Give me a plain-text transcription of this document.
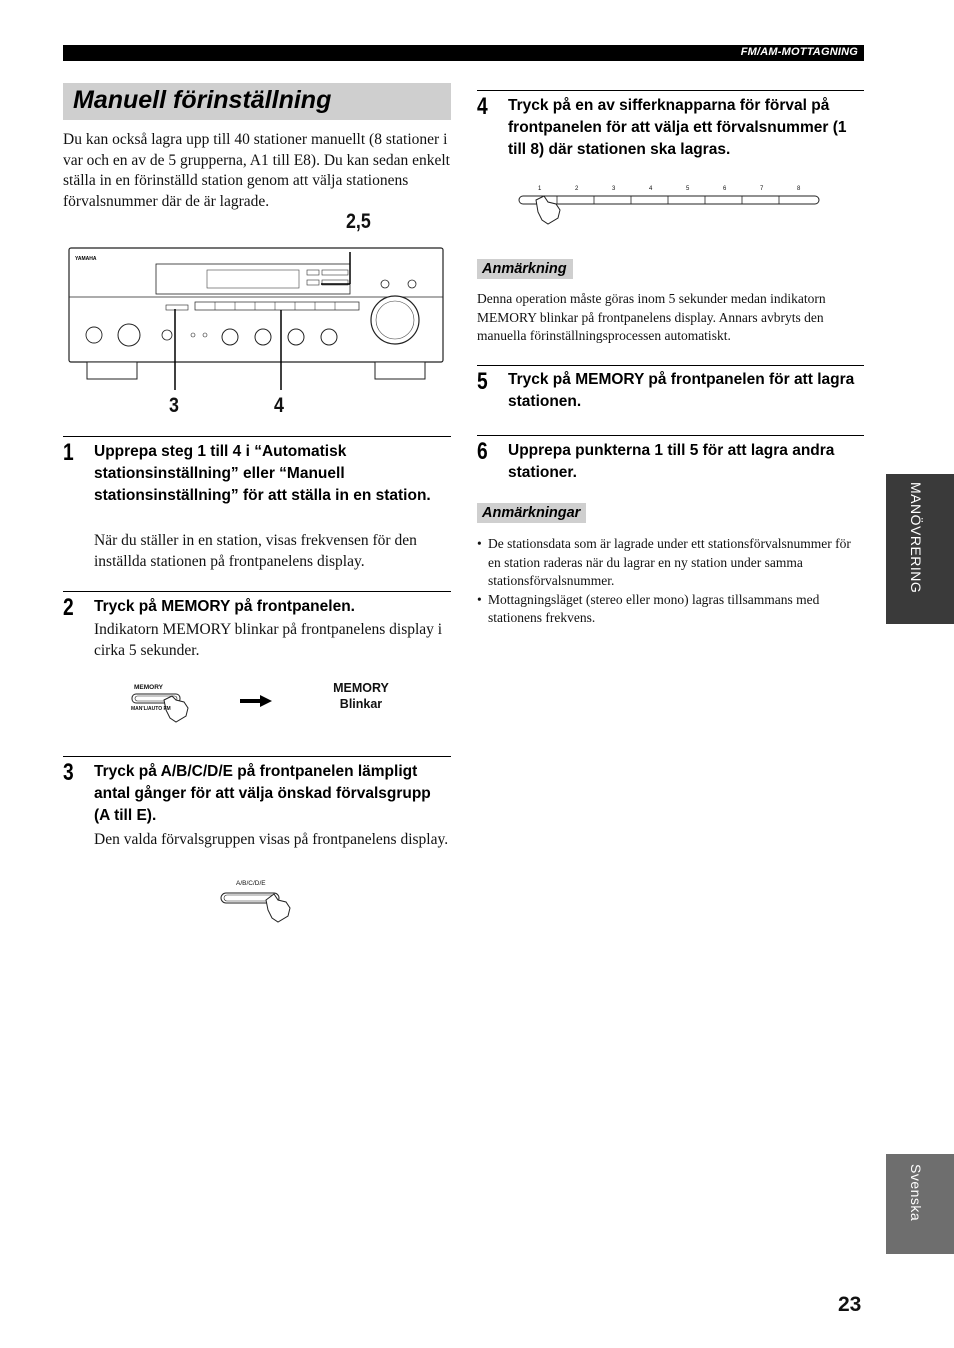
FM/AM-MOTTAGNING
Manuell förinställning
Du kan också lagra upp till 40 stationer manuellt (8 stationer i var och en av de 5 grupperna, A1 till E8). Du kan sedan enkelt ställa in en förinställd station genom att välja stationens förvalsnummer där de är lagrade.
YAMAHA
2,5
3	4
1 Upprepa steg 1 till 4 i “Automatisk stationsinställning” eller “Manuell stationsinställning” för att ställa in en station.
När du ställer in en station, visas frekvensen för den inställda stationen på frontpanelens display.
2 Tryck på MEMORY på frontpanelen.
Indikatorn MEMORY blinkar på frontpanelens display i cirka 5 sekunder.
MEMORY
MAN'L/AUTO FM
MEMORY
Blinkar
3 Tryck på A/B/C/D/E på frontpanelen lämpligt antal gånger för att välja önskad förvalsgrupp (A till E).
Den valda förvalsgruppen visas på frontpanelens display.
A/B/C/D/E
4 Tryck på en av sifferknapparna för förval på frontpanelen för att välja ett förvalsnummer (1 till 8) där stationen ska lagras.
1	2	3	4	5	6	7	8
Anmärkning
Denna operation måste göras inom 5 sekunder medan indikatorn MEMORY blinkar på frontpanelens display. Annars avbryts den manuella förinställningsprocessen automatiskt.
5 Tryck på MEMORY på frontpanelen för att lagra stationen.
6 Upprepa punkterna 1 till 5 för att lagra andra stationer.
Anmärkningar
• De stationsdata som är lagrade under ett stationsförvalsnummer för en station raderas när du lagrar en ny station under samma stationsförvalsnummer.
• Mottagningsläget (stereo eller mono) lagras tillsammans med stationens frekvens.
MANÖVRERING
Svenska
23
